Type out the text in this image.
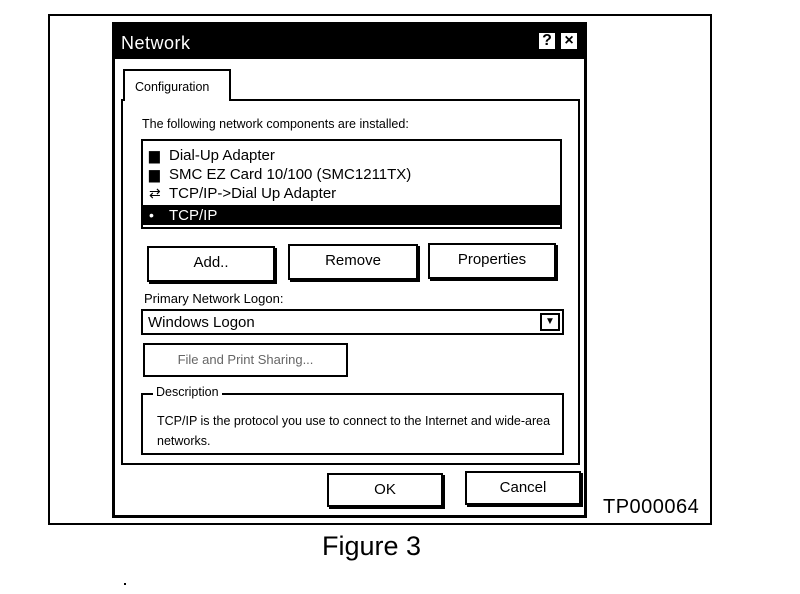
Network	? ×
Configuration
The following network components are installed:
▆ Dial-Up Adapter
▆ SMC EZ Card 10/100 (SMC1211TX)
⇄ TCP/IP->Dial Up Adapter
• TCP/IP
Add..	Remove	Properties
Primary Network Logon:
Windows Logon	▼
File and Print Sharing...
Description
TCP/IP is the protocol you use to connect to the Internet and wide-area networks.
OK	Cancel
TP000064
Figure 3
